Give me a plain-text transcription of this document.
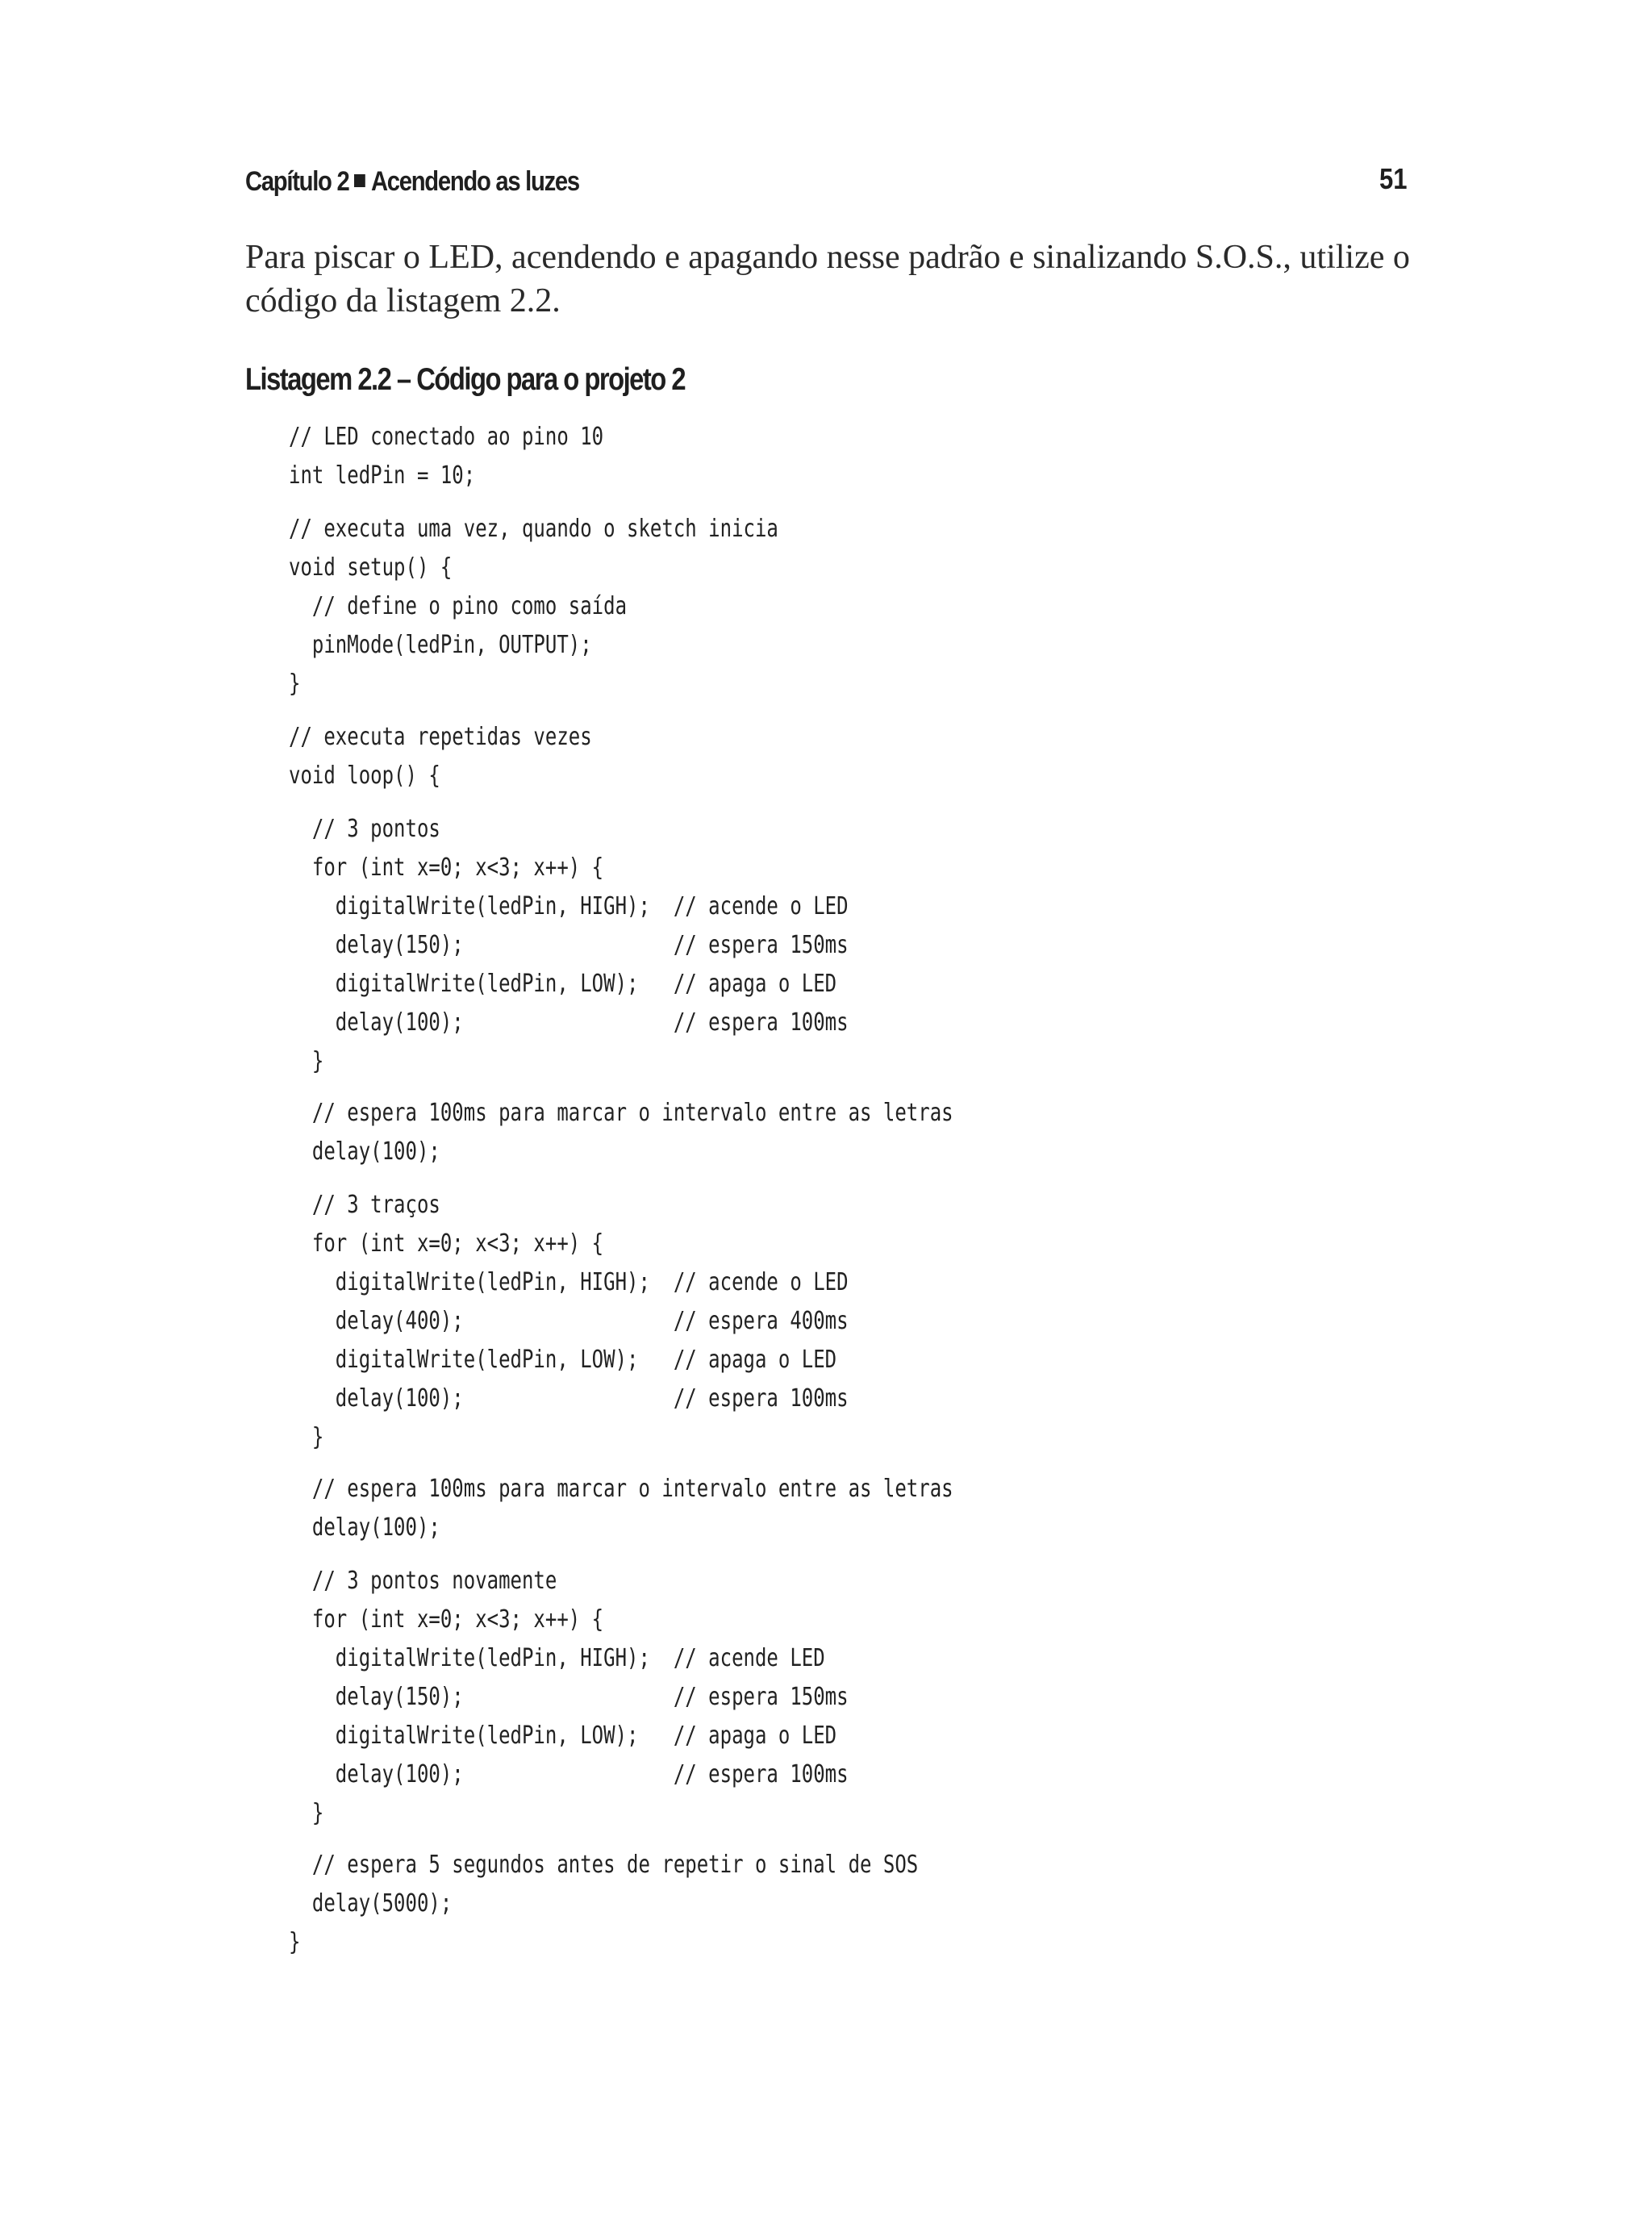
Capítulo 2 Acendendo as luzes	51

Para piscar o LED, acendendo e apagando nesse padrão e sinalizando S.O.S., utilize o código da listagem 2.2.

Listagem 2.2 – Código para o projeto 2
// LED conectado ao pino 10
int ledPin = 10;
// executa uma vez, quando o sketch inicia
void setup() {
// define o pino como saída
pinMode(ledPin, OUTPUT);
}
// executa repetidas vezes
void loop() {
// 3 pontos
for (int x=0; x<3; x++) {
digitalWrite(ledPin, HIGH);  // acende o LED
delay(150);                  // espera 150ms
digitalWrite(ledPin, LOW);   // apaga o LED
delay(100);                  // espera 100ms
}
// espera 100ms para marcar o intervalo entre as letras
delay(100);
// 3 traços
for (int x=0; x<3; x++) {
digitalWrite(ledPin, HIGH);  // acende o LED
delay(400);                  // espera 400ms
digitalWrite(ledPin, LOW);   // apaga o LED
delay(100);                  // espera 100ms
}
// espera 100ms para marcar o intervalo entre as letras
delay(100);
// 3 pontos novamente
for (int x=0; x<3; x++) {
digitalWrite(ledPin, HIGH);  // acende LED
delay(150);                  // espera 150ms
digitalWrite(ledPin, LOW);   // apaga o LED
delay(100);                  // espera 100ms
}
// espera 5 segundos antes de repetir o sinal de SOS
delay(5000);
}
